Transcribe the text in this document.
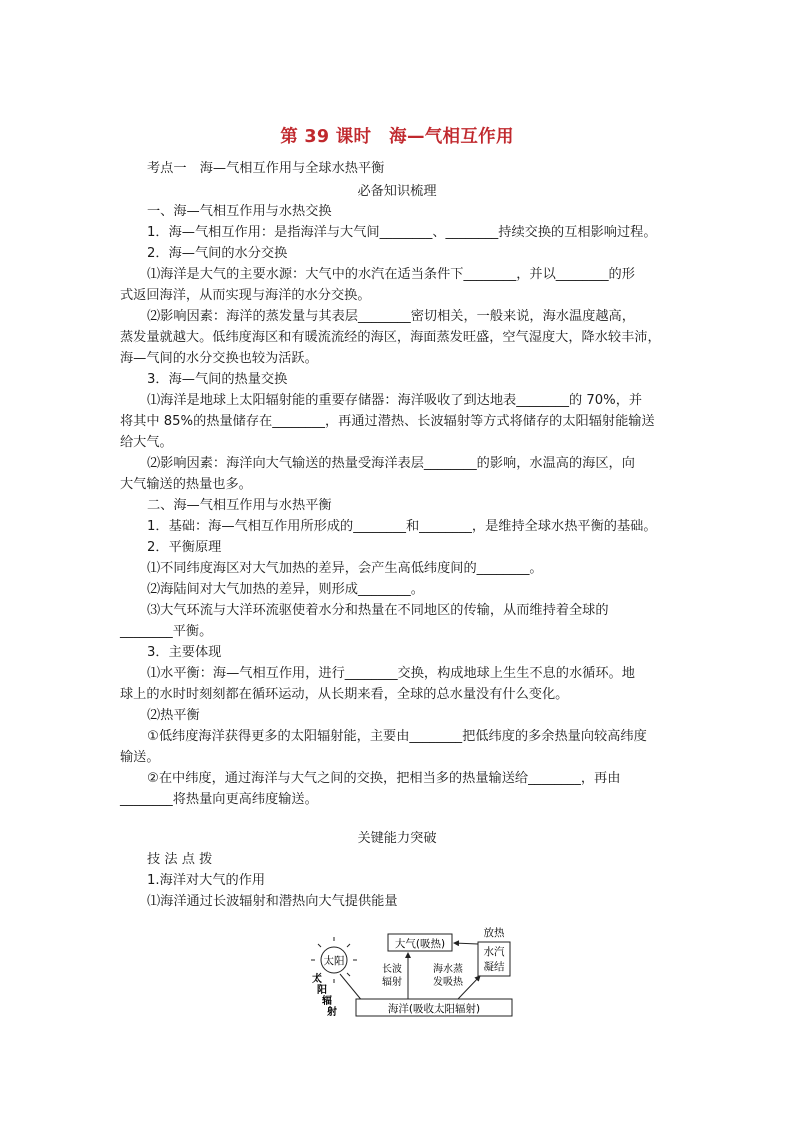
第 39 课时　海—气相互作用
考点一　海—气相互作用与全球水热平衡
必备知识梳理
一、海—气相互作用与水热交换
1．海—气相互作用：是指海洋与大气间________、________持续交换的互相影响过程。
2．海—气间的水分交换
⑴海洋是大气的主要水源：大气中的水汽在适当条件下________，并以________的形
式返回海洋，从而实现与海洋的水分交换。
⑵影响因素：海洋的蒸发量与其表层________密切相关，一般来说，海水温度越高，
蒸发量就越大。低纬度海区和有暖流流经的海区，海面蒸发旺盛，空气湿度大，降水较丰沛，
海—气间的水分交换也较为活跃。
3．海—气间的热量交换
⑴海洋是地球上太阳辐射能的重要存储器：海洋吸收了到达地表________的 70%，并
将其中 85%的热量储存在________，再通过潜热、长波辐射等方式将储存的太阳辐射能输送
给大气。
⑵影响因素：海洋向大气输送的热量受海洋表层________的影响，水温高的海区，向
大气输送的热量也多。
二、海—气相互作用与水热平衡
1．基础：海—气相互作用所形成的________和________，是维持全球水热平衡的基础。
2．平衡原理
⑴不同纬度海区对大气加热的差异，会产生高低纬度间的________。
⑵海陆间对大气加热的差异，则形成________。
⑶大气环流与大洋环流驱使着水分和热量在不同地区的传输，从而维持着全球的
________平衡。
3．主要体现
⑴水平衡：海—气相互作用，进行________交换，构成地球上生生不息的水循环。地
球上的水时时刻刻都在循环运动，从长期来看，全球的总水量没有什么变化。
⑵热平衡
①低纬度海洋获得更多的太阳辐射能，主要由________把低纬度的多余热量向较高纬度
输送。
②在中纬度，通过海洋与大气之间的交换，把相当多的热量输送给________，再由
________将热量向更高纬度输送。
关键能力突破
技 法 点 拨
1.海洋对大气的作用
⑴海洋通过长波辐射和潜热向大气提供能量
太阳
太
阳
辐
射
大气(吸热)
水汽
凝结
放热
海洋(吸收太阳辐射)
长波
辐射
海水蒸
发吸热
